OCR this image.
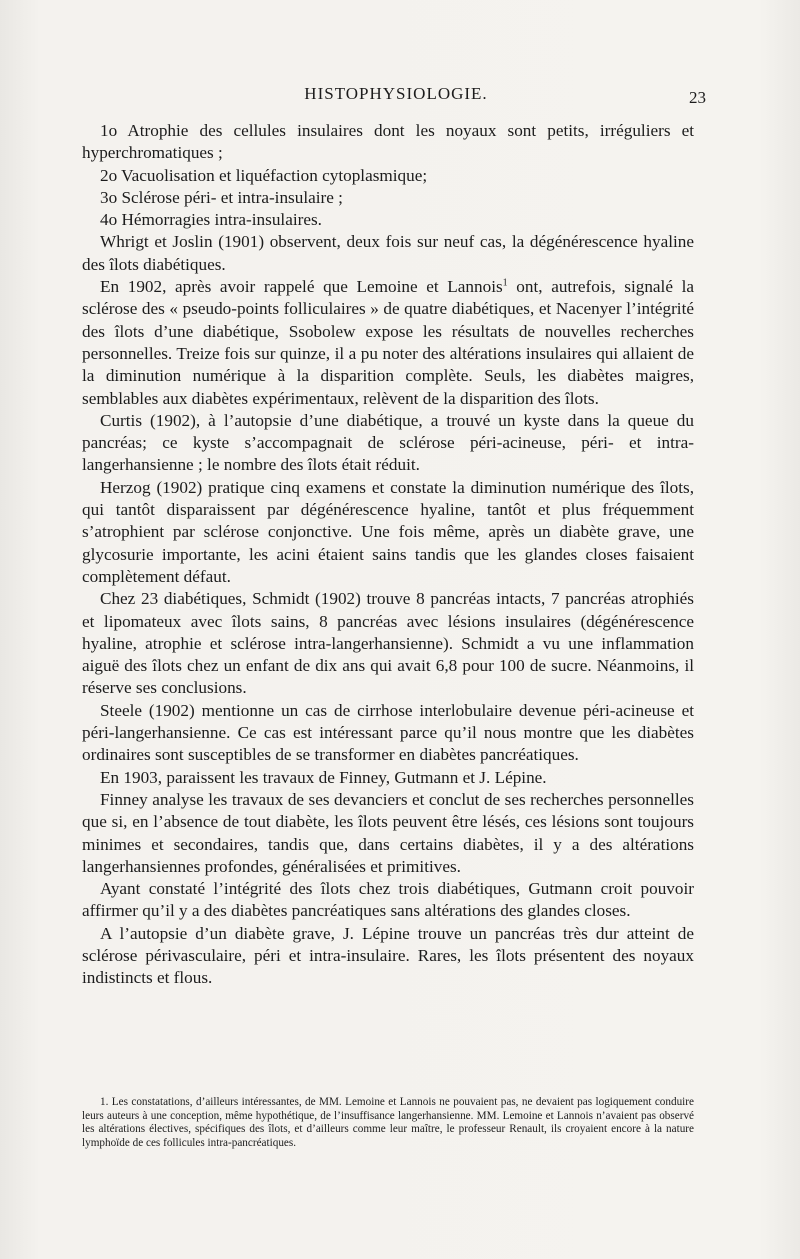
HISTOPHYSIOLOGIE.	23

1o Atrophie des cellules insulaires dont les noyaux sont petits, irréguliers et hyperchromatiques ;

2o Vacuolisation et liquéfaction cytoplasmique;

3o Sclérose péri- et intra-insulaire ;

4o Hémorragies intra-insulaires.

Whrigt et Joslin (1901) observent, deux fois sur neuf cas, la dégénérescence hyaline des îlots diabétiques.

En 1902, après avoir rappelé que Lemoine et Lannois$^1$ ont, autrefois, signalé la sclérose des « pseudo-points folliculaires » de quatre diabétiques, et Nacenyer l’intégrité des îlots d’une diabétique, Ssobolew expose les résultats de nouvelles recherches personnelles. Treize fois sur quinze, il a pu noter des altérations insulaires qui allaient de la diminution numérique à la disparition complète. Seuls, les diabètes maigres, semblables aux diabètes expérimentaux, relèvent de la disparition des îlots.

Curtis (1902), à l’autopsie d’une diabétique, a trouvé un kyste dans la queue du pancréas; ce kyste s’accompagnait de sclérose péri-acineuse, péri- et intra-langerhansienne ; le nombre des îlots était réduit.

Herzog (1902) pratique cinq examens et constate la diminution numérique des îlots, qui tantôt disparaissent par dégénérescence hyaline, tantôt et plus fréquemment s’atrophient par sclérose conjonctive. Une fois même, après un diabète grave, une glycosurie importante, les acini étaient sains tandis que les glandes closes faisaient complètement défaut.

Chez 23 diabétiques, Schmidt (1902) trouve 8 pancréas intacts, 7 pancréas atrophiés et lipomateux avec îlots sains, 8 pancréas avec lésions insulaires (dégénérescence hyaline, atrophie et sclérose intra-langerhansienne). Schmidt a vu une inflammation aiguë des îlots chez un enfant de dix ans qui avait 6,8 pour 100 de sucre. Néanmoins, il réserve ses conclusions.

Steele (1902) mentionne un cas de cirrhose interlobulaire devenue péri-acineuse et péri-langerhansienne. Ce cas est intéressant parce qu’il nous montre que les diabètes ordinaires sont susceptibles de se transformer en diabètes pancréatiques.

En 1903, paraissent les travaux de Finney, Gutmann et J. Lépine.

Finney analyse les travaux de ses devanciers et conclut de ses recherches personnelles que si, en l’absence de tout diabète, les îlots peuvent être lésés, ces lésions sont toujours minimes et secondaires, tandis que, dans certains diabètes, il y a des altérations langerhansiennes profondes, généralisées et primitives.

Ayant constaté l’intégrité des îlots chez trois diabétiques, Gutmann croit pouvoir affirmer qu’il y a des diabètes pancréatiques sans altérations des glandes closes.

A l’autopsie d’un diabète grave, J. Lépine trouve un pancréas très dur atteint de sclérose périvasculaire, péri et intra-insulaire. Rares, les îlots présentent des noyaux indistincts et flous.

1. Les constatations, d’ailleurs intéressantes, de MM. Lemoine et Lannois ne pouvaient pas, ne devaient pas logiquement conduire leurs auteurs à une conception, même hypothétique, de l’insuffisance langerhansienne. MM. Lemoine et Lannois n’avaient pas observé les altérations électives, spécifiques des îlots, et d’ailleurs comme leur maître, le professeur Renault, ils croyaient encore à la nature lymphoïde de ces follicules intra-pancréatiques.
